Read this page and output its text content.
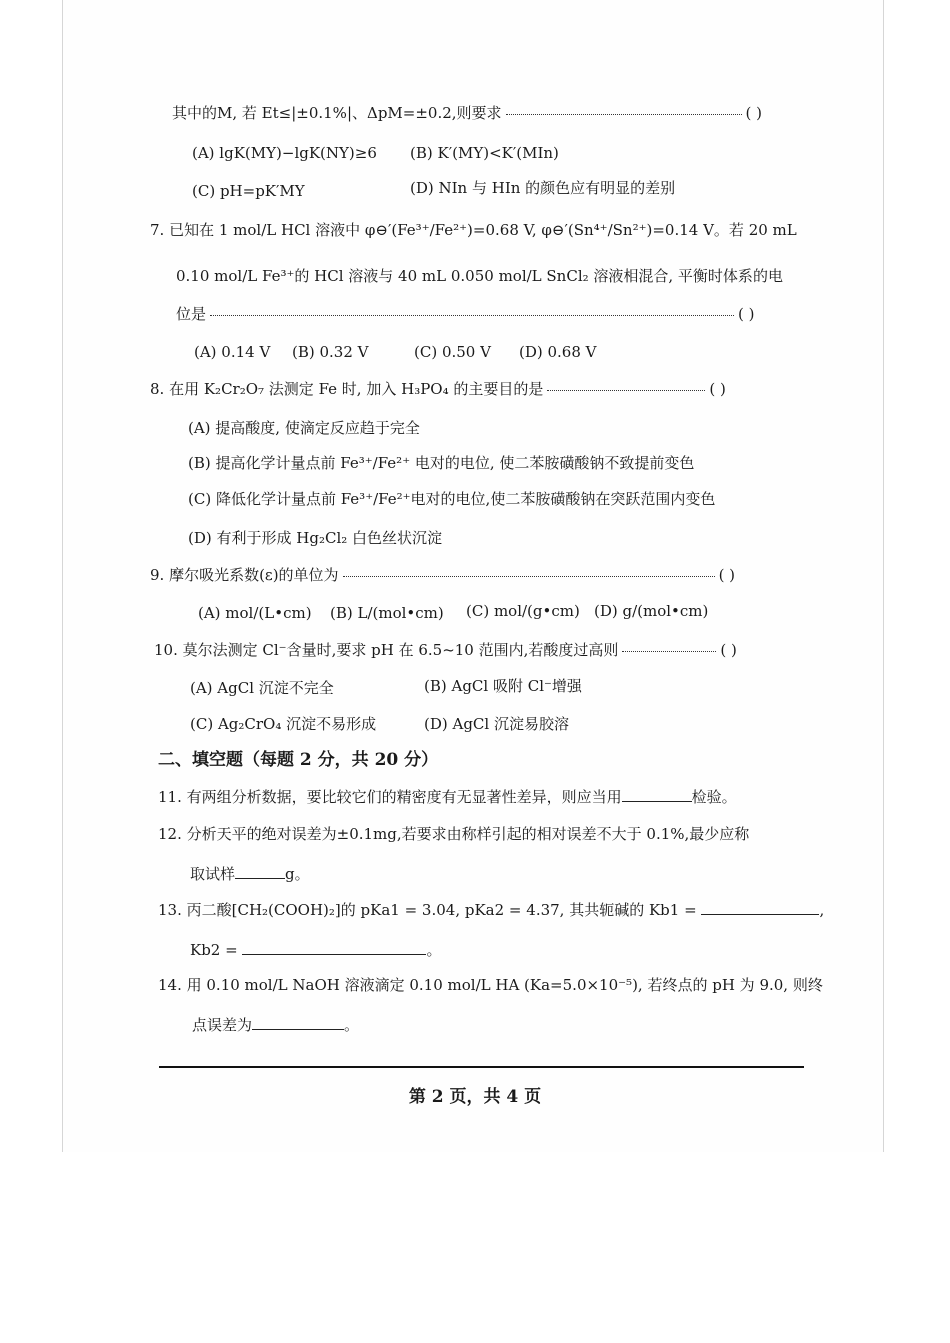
其中的M, 若 Et≤|±0.1%|、ΔpM=±0.2,则要求	( )
(A) lgK(MY)−lgK(NY)≥6 (B) K′(MY)<K′(MIn)
(C) pH=pK′MY	(D) NIn 与 HIn 的颜色应有明显的差别
7. 已知在 1 mol/L HCl 溶液中 φ⊖′(Fe³⁺/Fe²⁺)=0.68 V, φ⊖′(Sn⁴⁺/Sn²⁺)=0.14 V。若 20 mL
0.10 mol/L Fe³⁺的 HCl 溶液与 40 mL 0.050 mol/L SnCl₂ 溶液相混合, 平衡时体系的电
位是	( )
(A) 0.14 V (B) 0.32 V	(C) 0.50 V (D) 0.68 V
8. 在用 K₂Cr₂O₇ 法测定 Fe 时, 加入 H₃PO₄ 的主要目的是	( )
(A) 提高酸度, 使滴定反应趋于完全
(B) 提高化学计量点前 Fe³⁺/Fe²⁺ 电对的电位, 使二苯胺磺酸钠不致提前变色
(C) 降低化学计量点前 Fe³⁺/Fe²⁺电对的电位,使二苯胺磺酸钠在突跃范围内变色
(D) 有利于形成 Hg₂Cl₂ 白色丝状沉淀
9. 摩尔吸光系数(ε)的单位为	( )
(A) mol/(L•cm) (B) L/(mol•cm) (C) mol/(g•cm) (D) g/(mol•cm)
10. 莫尔法测定 Cl⁻含量时,要求 pH 在 6.5~10 范围内,若酸度过高则	( )
(A) AgCl 沉淀不完全	(B) AgCl 吸附 Cl⁻增强
(C) Ag₂CrO₄ 沉淀不易形成	(D) AgCl 沉淀易胶溶
二、填空题（每题 2 分，共 20 分）
11. 有两组分析数据，要比较它们的精密度有无显著性差异，则应当用	检验。
12. 分析天平的绝对误差为±0.1mg,若要求由称样引起的相对误差不大于 0.1%,最少应称
取试样	g。
13. 丙二酸[CH₂(COOH)₂]的 pKa1 = 3.04, pKa2 = 4.37, 其共轭碱的 Kb1 =	,
Kb2 =	。
14. 用 0.10 mol/L NaOH 溶液滴定 0.10 mol/L HA (Ka=5.0×10⁻⁵), 若终点的 pH 为 9.0, 则终
点误差为	。
第 2 页，共 4 页
